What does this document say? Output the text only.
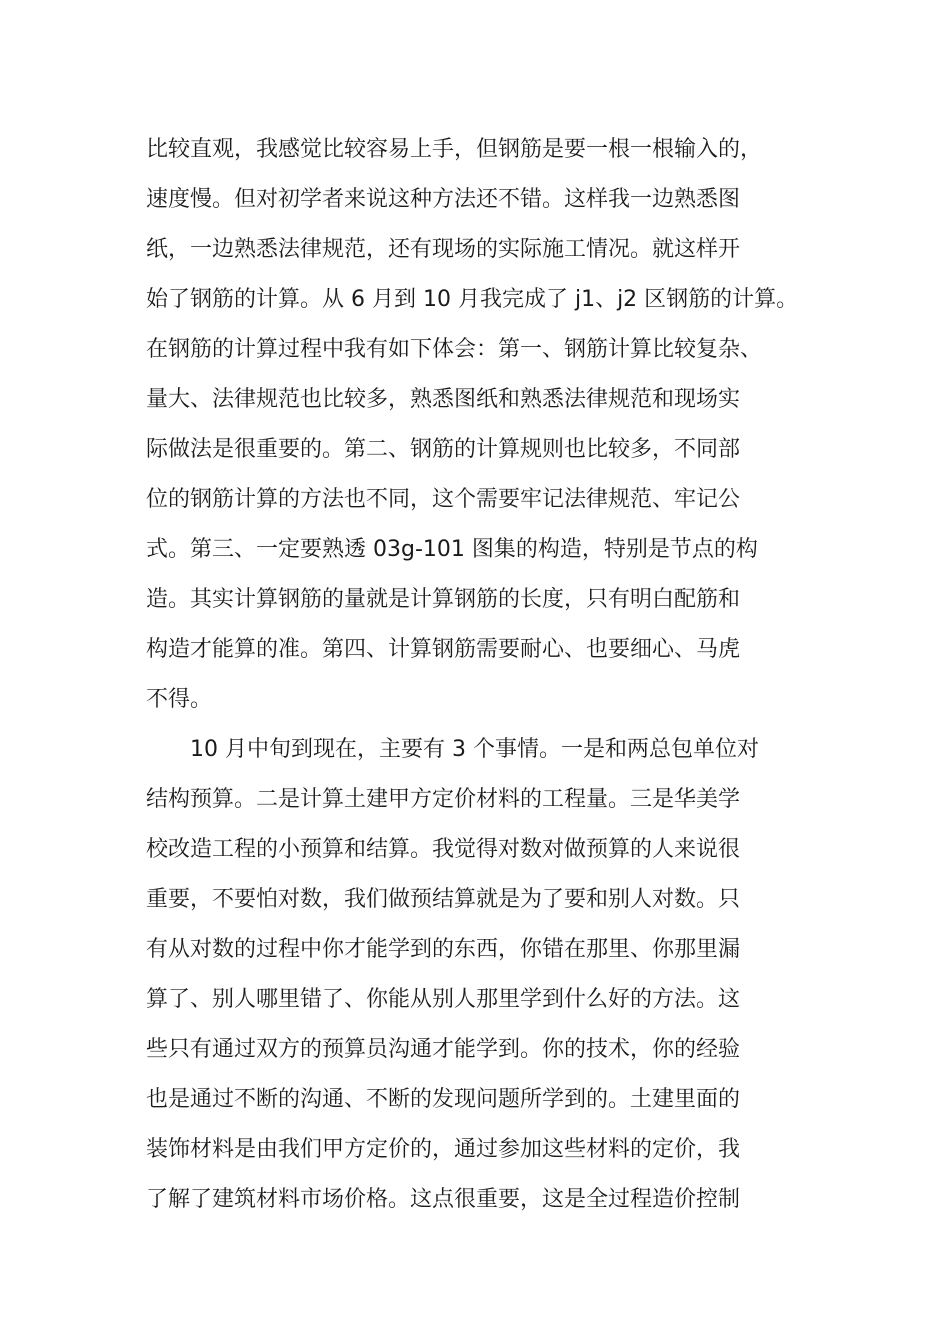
比较直观，我感觉比较容易上手，但钢筋是要一根一根输入的，
速度慢。但对初学者来说这种方法还不错。这样我一边熟悉图
纸，一边熟悉法律规范，还有现场的实际施工情况。就这样开
始了钢筋的计算。从 6 月到 10 月我完成了 j1、j2 区钢筋的计算。
在钢筋的计算过程中我有如下体会：第一、钢筋计算比较复杂、
量大、法律规范也比较多，熟悉图纸和熟悉法律规范和现场实
际做法是很重要的。第二、钢筋的计算规则也比较多，不同部
位的钢筋计算的方法也不同，这个需要牢记法律规范、牢记公
式。第三、一定要熟透 03g-101 图集的构造，特别是节点的构
造。其实计算钢筋的量就是计算钢筋的长度，只有明白配筋和
构造才能算的准。第四、计算钢筋需要耐心、也要细心、马虎
不得。
　　10 月中旬到现在，主要有 3 个事情。一是和两总包单位对
结构预算。二是计算土建甲方定价材料的工程量。三是华美学
校改造工程的小预算和结算。我觉得对数对做预算的人来说很
重要，不要怕对数，我们做预结算就是为了要和别人对数。只
有从对数的过程中你才能学到的东西，你错在那里、你那里漏
算了、别人哪里错了、你能从别人那里学到什么好的方法。这
些只有通过双方的预算员沟通才能学到。你的技术，你的经验
也是通过不断的沟通、不断的发现问题所学到的。土建里面的
装饰材料是由我们甲方定价的，通过参加这些材料的定价，我
了解了建筑材料市场价格。这点很重要，这是全过程造价控制
